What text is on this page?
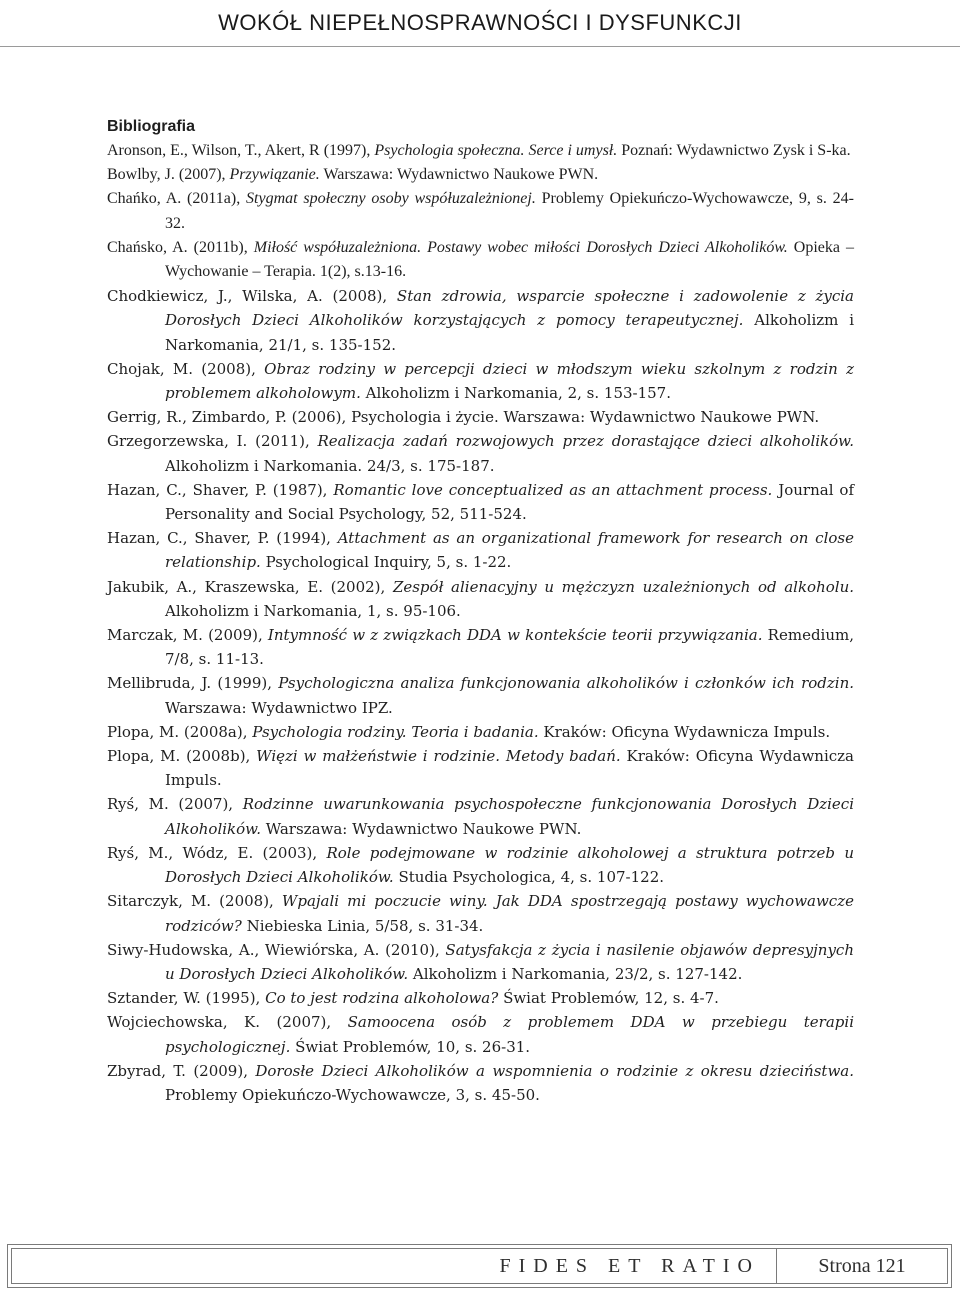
WOKÓŁ NIEPEŁNOSPRAWNOŚCI I DYSFUNKCJI

Bibliografia

Aronson, E., Wilson, T., Akert, R (1997), Psychologia społeczna. Serce i umysł. Poznań: Wydawnictwo Zysk i S-ka.
Bowlby, J. (2007), Przywiązanie. Warszawa: Wydawnictwo Naukowe PWN.
Chańko, A. (2011a), Stygmat społeczny osoby współuzależnionej. Problemy Opiekuńczo-Wychowawcze, 9, s. 24-32.
Chańsko, A. (2011b), Miłość współuzależniona. Postawy wobec miłości Dorosłych Dzieci Alkoholików. Opieka – Wychowanie – Terapia. 1(2), s.13-16.
Chodkiewicz, J., Wilska, A. (2008), Stan zdrowia, wsparcie społeczne i zadowolenie z życia Dorosłych Dzieci Alkoholików korzystających z pomocy terapeutycznej. Alkoholizm i Narkomania, 21/1, s. 135-152.
Chojak, M. (2008), Obraz rodziny w percepcji dzieci w młodszym wieku szkolnym z rodzin z problemem alkoholowym. Alkoholizm i Narkomania, 2, s. 153-157.
Gerrig, R., Zimbardo, P. (2006), Psychologia i życie. Warszawa: Wydawnictwo Naukowe PWN.
Grzegorzewska, I. (2011), Realizacja zadań rozwojowych przez dorastające dzieci alkoholików. Alkoholizm i Narkomania. 24/3, s. 175-187.
Hazan, C., Shaver, P. (1987), Romantic love conceptualized as an attachment process. Journal of Personality and Social Psychology, 52, 511-524.
Hazan, C., Shaver, P. (1994), Attachment as an organizational framework for research on close relationship. Psychological Inquiry, 5, s. 1-22.
Jakubik, A., Kraszewska, E. (2002), Zespół alienacyjny u mężczyzn uzależnionych od alkoholu. Alkoholizm i Narkomania, 1, s. 95-106.
Marczak, M. (2009), Intymność w z związkach DDA w kontekście teorii przywiązania. Remedium, 7/8, s. 11-13.
Mellibruda, J. (1999), Psychologiczna analiza funkcjonowania alkoholików i członków ich rodzin. Warszawa: Wydawnictwo IPZ.
Plopa, M. (2008a), Psychologia rodziny. Teoria i badania. Kraków: Oficyna Wydawnicza Impuls.
Plopa, M. (2008b), Więzi w małżeństwie i rodzinie. Metody badań. Kraków: Oficyna Wydawnicza Impuls.
Ryś, M. (2007), Rodzinne uwarunkowania psychospołeczne funkcjonowania Dorosłych Dzieci Alkoholików. Warszawa: Wydawnictwo Naukowe PWN.
Ryś, M., Wódz, E. (2003), Role podejmowane w rodzinie alkoholowej a struktura potrzeb u Dorosłych Dzieci Alkoholików. Studia Psychologica, 4, s. 107-122.
Sitarczyk, M. (2008), Wpajali mi poczucie winy. Jak DDA spostrzegają postawy wychowawcze rodziców? Niebieska Linia, 5/58, s. 31-34.
Siwy-Hudowska, A., Wiewiórska, A. (2010), Satysfakcja z życia i nasilenie objawów depresyjnych u Dorosłych Dzieci Alkoholików. Alkoholizm i Narkomania, 23/2, s. 127-142.
Sztander, W. (1995), Co to jest rodzina alkoholowa? Świat Problemów, 12, s. 4-7.
Wojciechowska, K. (2007), Samoocena osób z problemem DDA w przebiegu terapii psychologicznej. Świat Problemów, 10, s. 26-31.
Zbyrad, T. (2009), Dorosłe Dzieci Alkoholików a wspomnienia o rodzinie z okresu dzieciństwa. Problemy Opiekuńczo-Wychowawcze, 3, s. 45-50.
FIDES ET RATIO	Strona 121
